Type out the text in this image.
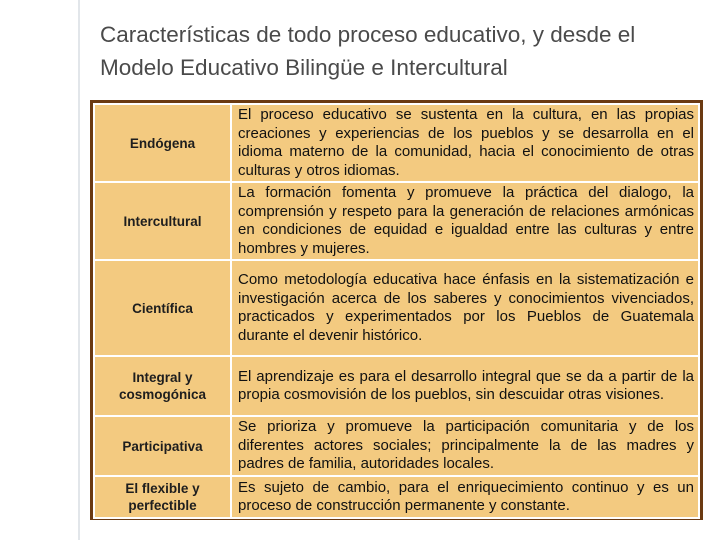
Características de todo proceso educativo, y desde el Modelo Educativo Bilingüe e Intercultural
Endógena	El proceso educativo se sustenta en la cultura, en las propias creaciones y experiencias de los pueblos y se desarrolla en el idioma materno de la comunidad, hacia el conocimiento de otras culturas y otros idiomas.
Intercultural	La formación fomenta y promueve la práctica del dialogo, la comprensión y respeto para la generación de relaciones armónicas en condiciones de equidad e igualdad entre las culturas y entre hombres y mujeres.
Científica	Como metodología educativa hace énfasis en la sistematización e investigación acerca de los saberes y conocimientos vivenciados, practicados y experimentados por los Pueblos de Guatemala durante el devenir histórico.
Integral y cosmogónica	El aprendizaje es para el desarrollo integral que se da a partir de la propia cosmovisión de los pueblos, sin descuidar otras visiones.
Participativa	Se prioriza y promueve la participación comunitaria y de los diferentes actores sociales; principalmente la de las madres y padres de familia, autoridades locales.
El flexible y perfectible	Es sujeto de cambio, para el enriquecimiento continuo y es un proceso de construcción permanente y constante.
